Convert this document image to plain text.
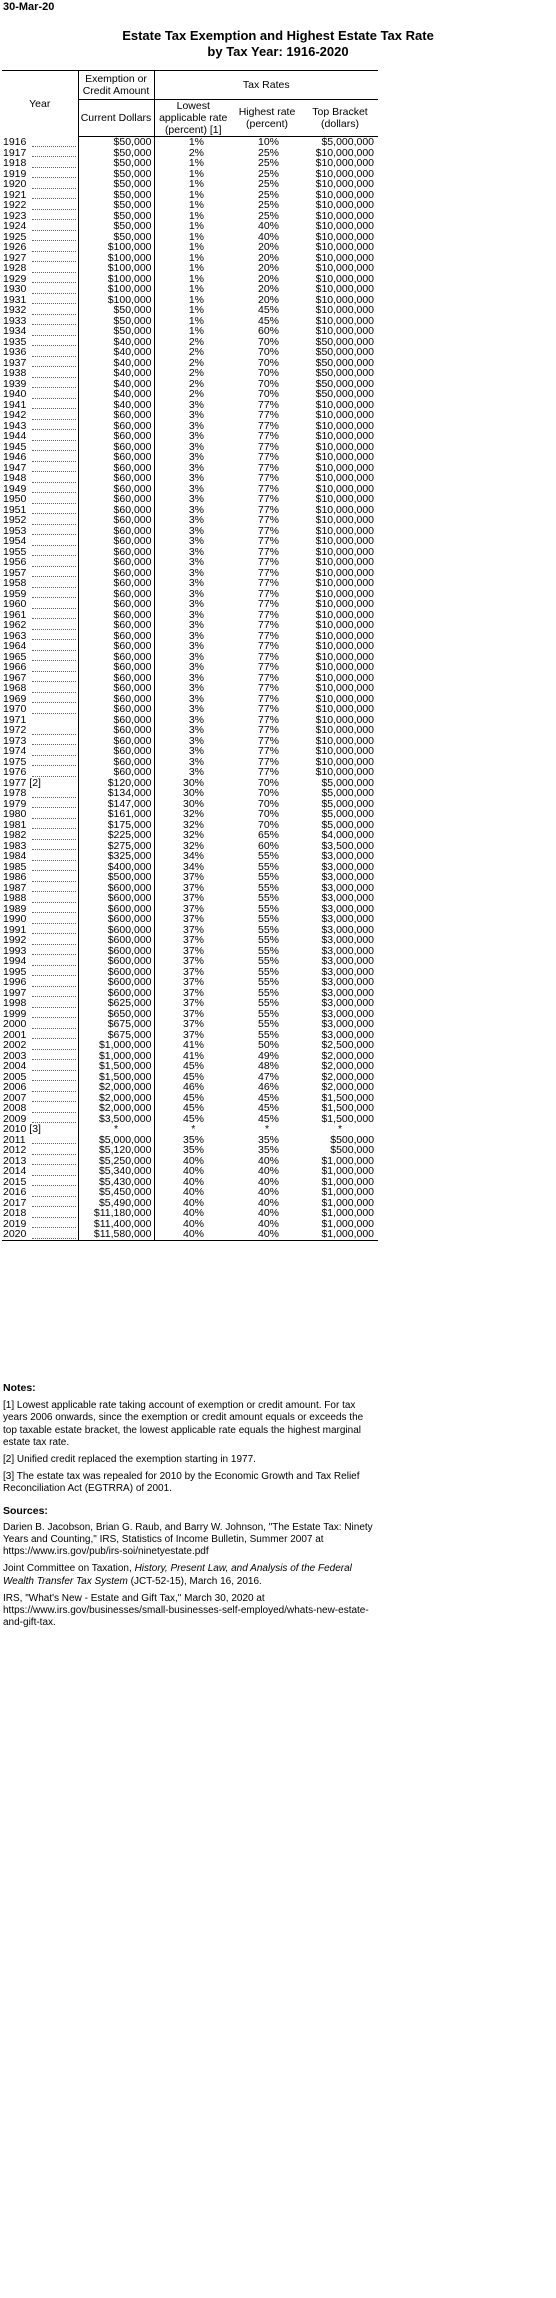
30-Mar-20
Estate Tax Exemption and Highest Estate Tax Rate
by Tax Year: 1916-2020
Year	Exemption or Credit Amount	Tax Rates		
	Current Dollars	Lowest applicable rate (percent) [1]	Highest rate (percent)	Top Bracket (dollars)
1916	$50,000	1%	10%	$5,000,000
1917	$50,000	2%	25%	$10,000,000
1918	$50,000	1%	25%	$10,000,000
1919	$50,000	1%	25%	$10,000,000
1920	$50,000	1%	25%	$10,000,000
1921	$50,000	1%	25%	$10,000,000
1922	$50,000	1%	25%	$10,000,000
1923	$50,000	1%	25%	$10,000,000
1924	$50,000	1%	40%	$10,000,000
1925	$50,000	1%	40%	$10,000,000
1926	$100,000	1%	20%	$10,000,000
1927	$100,000	1%	20%	$10,000,000
1928	$100,000	1%	20%	$10,000,000
1929	$100,000	1%	20%	$10,000,000
1930	$100,000	1%	20%	$10,000,000
1931	$100,000	1%	20%	$10,000,000
1932	$50,000	1%	45%	$10,000,000
1933	$50,000	1%	45%	$10,000,000
1934	$50,000	1%	60%	$10,000,000
1935	$40,000	2%	70%	$50,000,000
1936	$40,000	2%	70%	$50,000,000
1937	$40,000	2%	70%	$50,000,000
1938	$40,000	2%	70%	$50,000,000
1939	$40,000	2%	70%	$50,000,000
1940	$40,000	2%	70%	$50,000,000
1941	$40,000	3%	77%	$10,000,000
1942	$60,000	3%	77%	$10,000,000
1943	$60,000	3%	77%	$10,000,000
1944	$60,000	3%	77%	$10,000,000
1945	$60,000	3%	77%	$10,000,000
1946	$60,000	3%	77%	$10,000,000
1947	$60,000	3%	77%	$10,000,000
1948	$60,000	3%	77%	$10,000,000
1949	$60,000	3%	77%	$10,000,000
1950	$60,000	3%	77%	$10,000,000
1951	$60,000	3%	77%	$10,000,000
1952	$60,000	3%	77%	$10,000,000
1953	$60,000	3%	77%	$10,000,000
1954	$60,000	3%	77%	$10,000,000
1955	$60,000	3%	77%	$10,000,000
1956	$60,000	3%	77%	$10,000,000
1957	$60,000	3%	77%	$10,000,000
1958	$60,000	3%	77%	$10,000,000
1959	$60,000	3%	77%	$10,000,000
1960	$60,000	3%	77%	$10,000,000
1961	$60,000	3%	77%	$10,000,000
1962	$60,000	3%	77%	$10,000,000
1963	$60,000	3%	77%	$10,000,000
1964	$60,000	3%	77%	$10,000,000
1965	$60,000	3%	77%	$10,000,000
1966	$60,000	3%	77%	$10,000,000
1967	$60,000	3%	77%	$10,000,000
1968	$60,000	3%	77%	$10,000,000
1969	$60,000	3%	77%	$10,000,000
1970	$60,000	3%	77%	$10,000,000
1971	$60,000	3%	77%	$10,000,000
1972	$60,000	3%	77%	$10,000,000
1973	$60,000	3%	77%	$10,000,000
1974	$60,000	3%	77%	$10,000,000
1975	$60,000	3%	77%	$10,000,000
1976	$60,000	3%	77%	$10,000,000
1977 [2]	$120,000	30%	70%	$5,000,000
1978	$134,000	30%	70%	$5,000,000
1979	$147,000	30%	70%	$5,000,000
1980	$161,000	32%	70%	$5,000,000
1981	$175,000	32%	70%	$5,000,000
1982	$225,000	32%	65%	$4,000,000
1983	$275,000	32%	60%	$3,500,000
1984	$325,000	34%	55%	$3,000,000
1985	$400,000	34%	55%	$3,000,000
1986	$500,000	37%	55%	$3,000,000
1987	$600,000	37%	55%	$3,000,000
1988	$600,000	37%	55%	$3,000,000
1989	$600,000	37%	55%	$3,000,000
1990	$600,000	37%	55%	$3,000,000
1991	$600,000	37%	55%	$3,000,000
1992	$600,000	37%	55%	$3,000,000
1993	$600,000	37%	55%	$3,000,000
1994	$600,000	37%	55%	$3,000,000
1995	$600,000	37%	55%	$3,000,000
1996	$600,000	37%	55%	$3,000,000
1997	$600,000	37%	55%	$3,000,000
1998	$625,000	37%	55%	$3,000,000
1999	$650,000	37%	55%	$3,000,000
2000	$675,000	37%	55%	$3,000,000
2001	$675,000	37%	55%	$3,000,000
2002	$1,000,000	41%	50%	$2,500,000
2003	$1,000,000	41%	49%	$2,000,000
2004	$1,500,000	45%	48%	$2,000,000
2005	$1,500,000	45%	47%	$2,000,000
2006	$2,000,000	46%	46%	$2,000,000
2007	$2,000,000	45%	45%	$1,500,000
2008	$2,000,000	45%	45%	$1,500,000
2009	$3,500,000	45%	45%	$1,500,000
2010 [3]	*	*	*	*
2011	$5,000,000	35%	35%	$500,000
2012	$5,120,000	35%	35%	$500,000
2013	$5,250,000	40%	40%	$1,000,000
2014	$5,340,000	40%	40%	$1,000,000
2015	$5,430,000	40%	40%	$1,000,000
2016	$5,450,000	40%	40%	$1,000,000
2017	$5,490,000	40%	40%	$1,000,000
2018	$11,180,000	40%	40%	$1,000,000
2019	$11,400,000	40%	40%	$1,000,000
2020	$11,580,000	40%	40%	$1,000,000
Notes:

[1] Lowest applicable rate taking account of exemption or credit amount. For tax years 2006 onwards, since the exemption or credit amount equals or exceeds the top taxable estate bracket, the lowest applicable rate equals the highest marginal estate tax rate.

[2] Unified credit replaced the exemption starting in 1977.

[3] The estate tax was repealed for 2010 by the Economic Growth and Tax Relief Reconciliation Act (EGTRRA) of 2001.

Sources:

Darien B. Jacobson, Brian G. Raub, and Barry W. Johnson, "The Estate Tax: Ninety Years and Counting," IRS, Statistics of Income Bulletin, Summer 2007 at https://www.irs.gov/pub/irs-soi/ninetyestate.pdf

Joint Committee on Taxation, History, Present Law, and Analysis of the Federal Wealth Transfer Tax System (JCT-52-15), March 16, 2016.

IRS, "What's New - Estate and Gift Tax," March 30, 2020 at https://www.irs.gov/businesses/small-businesses-self-employed/whats-new-estate-and-gift-tax.
